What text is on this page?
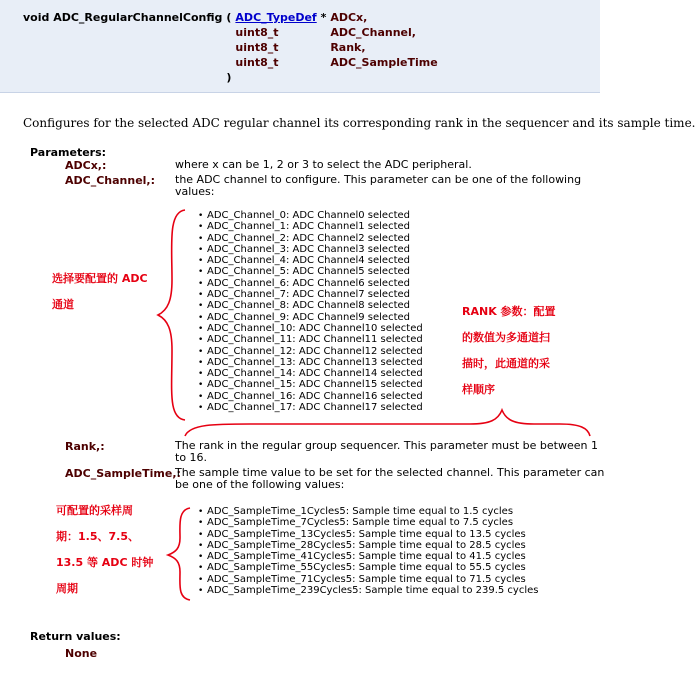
void ADC_RegularChannelConfig	(	ADC_TypeDef *	ADCx,
		uint8_t	ADC_Channel,
		uint8_t	Rank,
		uint8_t	ADC_SampleTime
	)		
Configures for the selected ADC regular channel its corresponding rank in the sequencer and its sample time.
Parameters:
ADCx,:	where x can be 1, 2 or 3 to select the ADC peripheral.
ADC_Channel,: the ADC channel to configure. This parameter can be one of the following
values:
• ADC_Channel_0: ADC Channel0 selected
• ADC_Channel_1: ADC Channel1 selected
• ADC_Channel_2: ADC Channel2 selected
• ADC_Channel_3: ADC Channel3 selected
• ADC_Channel_4: ADC Channel4 selected
• ADC_Channel_5: ADC Channel5 selected
• ADC_Channel_6: ADC Channel6 selected
• ADC_Channel_7: ADC Channel7 selected
• ADC_Channel_8: ADC Channel8 selected
• ADC_Channel_9: ADC Channel9 selected
• ADC_Channel_10: ADC Channel10 selected
• ADC_Channel_11: ADC Channel11 selected
• ADC_Channel_12: ADC Channel12 selected
• ADC_Channel_13: ADC Channel13 selected
• ADC_Channel_14: ADC Channel14 selected
• ADC_Channel_15: ADC Channel15 selected
• ADC_Channel_16: ADC Channel16 selected
• ADC_Channel_17: ADC Channel17 selected
Rank,:	The rank in the regular group sequencer. This parameter must be between 1
to 16.
ADC_SampleTime,:
The sample time value to be set for the selected channel. This parameter can
be one of the following values:
• ADC_SampleTime_1Cycles5: Sample time equal to 1.5 cycles
• ADC_SampleTime_7Cycles5: Sample time equal to 7.5 cycles
• ADC_SampleTime_13Cycles5: Sample time equal to 13.5 cycles
• ADC_SampleTime_28Cycles5: Sample time equal to 28.5 cycles
• ADC_SampleTime_41Cycles5: Sample time equal to 41.5 cycles
• ADC_SampleTime_55Cycles5: Sample time equal to 55.5 cycles
• ADC_SampleTime_71Cycles5: Sample time equal to 71.5 cycles
• ADC_SampleTime_239Cycles5: Sample time equal to 239.5 cycles
Return values:
None
选择要配置的 ADC
通道
RANK 参数：配置
的数值为多通道扫
描时，此通道的采
样顺序
可配置的采样周
期：1.5、7.5、
13.5 等 ADC 时钟
周期
